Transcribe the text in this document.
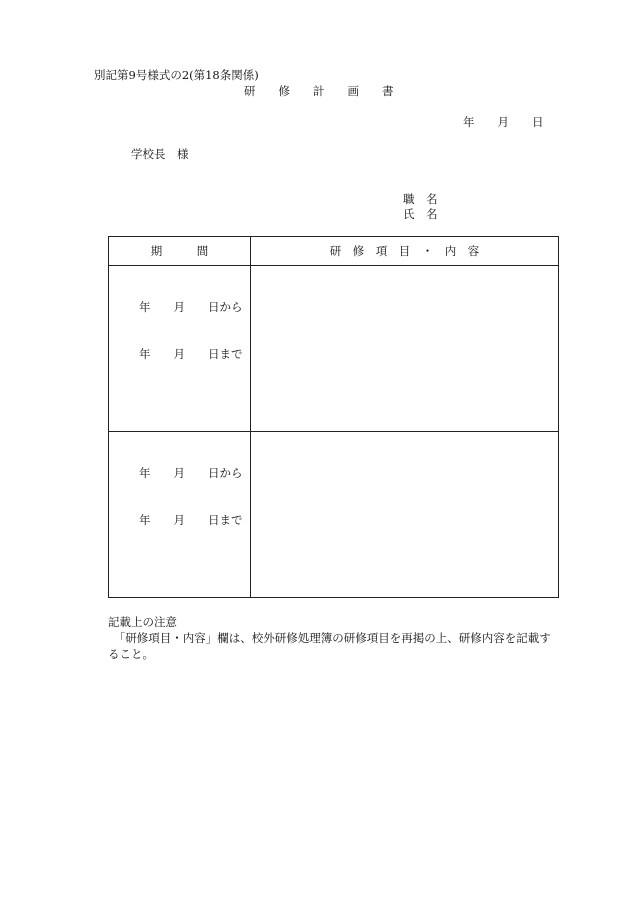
別記第9号様式の2(第18条関係)
研　　修　　計　　画　　書
年　　月　　日
学校長　様
職　名
氏　名
期　　　間	研　修　項　目　・　内　容

年　　月　　日から
年　　月　　日まで	

年　　月　　日から
年　　月　　日まで	

記載上の注意
　「研修項目・内容」欄は、校外研修処理簿の研修項目を再掲の上、研修内容を記載す
ること。
